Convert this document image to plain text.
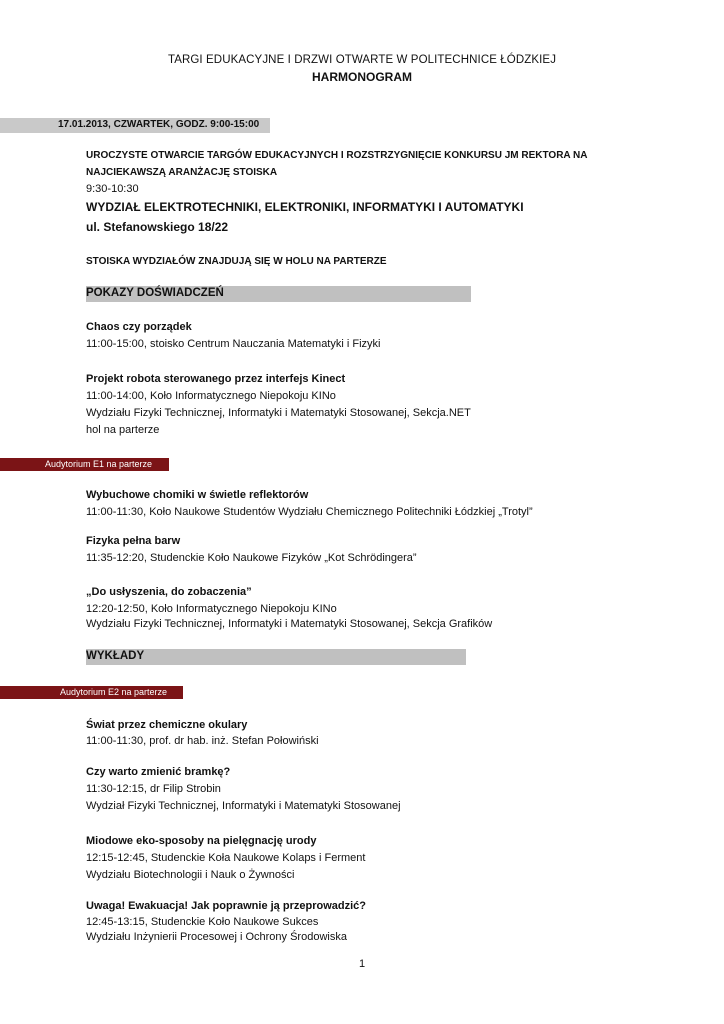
TARGI EDUKACYJNE I DRZWI OTWARTE W POLITECHNICE ŁÓDZKIEJ
HARMONOGRAM
17.01.2013, CZWARTEK, GODZ. 9:00-15:00
UROCZYSTE OTWARCIE TARGÓW EDUKACYJNYCH I ROZSTRZYGNIĘCIE KONKURSU JM REKTORA NA
NAJCIEKAWSZĄ ARANŻACJĘ STOISKA
9:30-10:30
WYDZIAŁ ELEKTROTECHNIKI, ELEKTRONIKI, INFORMATYKI I AUTOMATYKI
ul. Stefanowskiego 18/22
STOISKA WYDZIAŁÓW ZNAJDUJĄ SIĘ W HOLU NA PARTERZE
POKAZY DOŚWIADCZEŃ
Chaos czy porządek
11:00-15:00, stoisko Centrum Nauczania Matematyki i Fizyki
Projekt robota sterowanego przez interfejs Kinect
11:00-14:00, Koło Informatycznego Niepokoju KINo
Wydziału Fizyki Technicznej, Informatyki i Matematyki Stosowanej, Sekcja.NET
hol na parterze
Audytorium E1 na parterze
Wybuchowe chomiki w świetle reflektorów
11:00-11:30, Koło Naukowe Studentów Wydziału Chemicznego Politechniki Łódzkiej „Trotyl”
Fizyka pełna barw
11:35-12:20, Studenckie Koło Naukowe Fizyków „Kot Schrödingera”
„Do usłyszenia, do zobaczenia”
12:20-12:50, Koło Informatycznego Niepokoju KINo
Wydziału Fizyki Technicznej, Informatyki i Matematyki Stosowanej, Sekcja Grafików
WYKŁADY
Audytorium E2 na parterze
Świat przez chemiczne okulary
11:00-11:30, prof. dr hab. inż. Stefan Połowiński
Czy warto zmienić bramkę?
11:30-12:15, dr Filip Strobin
Wydział Fizyki Technicznej, Informatyki i Matematyki Stosowanej
Miodowe eko-sposoby na pielęgnację urody
12:15-12:45, Studenckie Koła Naukowe Kolaps i Ferment
Wydziału Biotechnologii i Nauk o Żywności
Uwaga! Ewakuacja! Jak poprawnie ją przeprowadzić?
12:45-13:15, Studenckie Koło Naukowe Sukces
Wydziału Inżynierii Procesowej i Ochrony Środowiska
1
